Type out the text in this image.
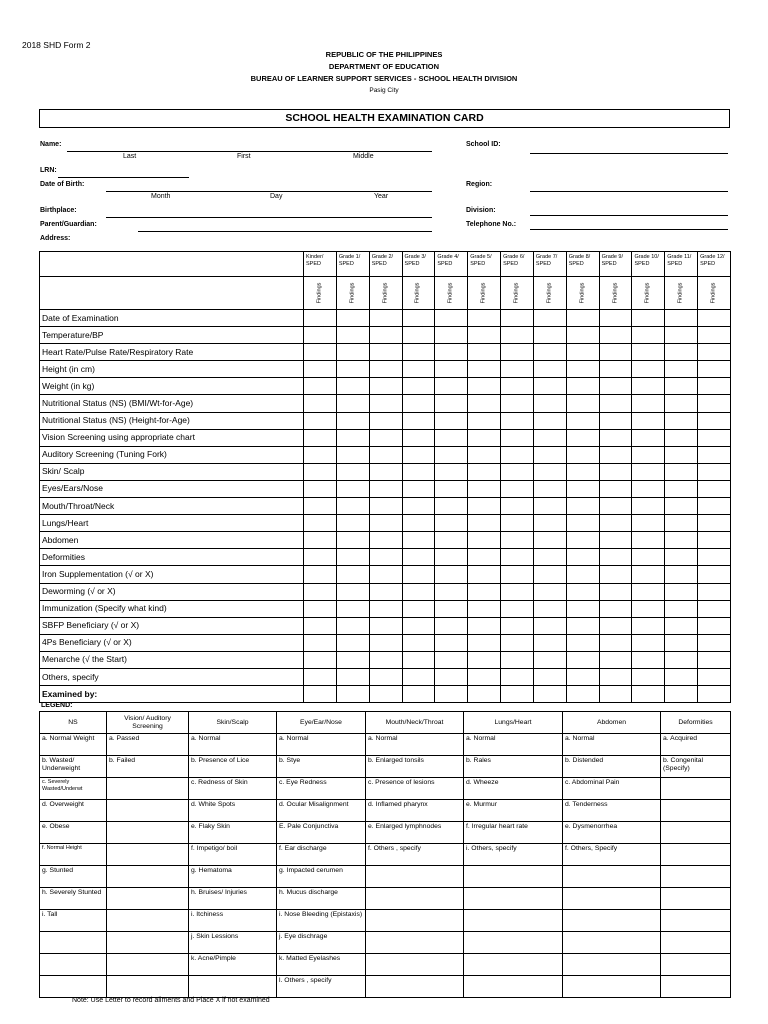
2018 SHD Form 2
REPUBLIC OF THE PHILIPPINES
DEPARTMENT OF EDUCATION
BUREAU OF LEARNER SUPPORT SERVICES - SCHOOL HEALTH DIVISION
Pasig City
SCHOOL HEALTH EXAMINATION CARD
Name:
Last	First	Middle
LRN:
Date of Birth:
Month	Day	Year
Birthplace:
Parent/Guardian:
Address:
School ID:
Region:
Division:
Telephone No.:
	Kinder/ SPED	Grade 1/ SPED	Grade 2/ SPED	Grade 3/ SPED	Grade 4/ SPED	Grade 5/ SPED	Grade 6/ SPED	Grade 7/ SPED	Grade 8/ SPED	Grade 9/ SPED	Grade 10/ SPED	Grade 11/ SPED	Grade 12/ SPED

	Findings	Findings	Findings	Findings	Findings	Findings	Findings	Findings	Findings	Findings	Findings	Findings	Findings

Date of Examination													
Temperature/BP													
Heart Rate/Pulse Rate/Respiratory Rate													
Height (in cm)													
Weight (in kg)													
Nutritional Status (NS) (BMI/Wt-for-Age)													
Nutritional Status (NS) (Height-for-Age)													
Vision Screening using appropriate chart													
Auditory Screening (Tuning Fork)													
Skin/ Scalp													
Eyes/Ears/Nose													
Mouth/Throat/Neck													
Lungs/Heart													
Abdomen													
Deformities													
Iron Supplementation (√ or X)													
Deworming (√ or X)													
Immunization (Specify what kind)													
SBFP Beneficiary (√ or X)													
4Ps Beneficiary (√ or X)													
Menarche (√ the Start)													
Others, specify													
Examined by:													
LEGEND:
NS	Vision/ Auditory Screening	Skin/Scalp	Eye/Ear/Nose	Mouth/Neck/Throat	Lungs/Heart	Abdomen	Deformities
a. Normal Weight	a. Passed	a. Normal	a. Normal	a. Normal	a. Normal	a. Normal	a. Acquired
b. Wasted/ Underweight	b. Failed	b. Presence of Lice	b. Stye	b. Enlarged tonsils	b. Rales	b. Distended	b. Congenital (Specify)
c. Severely Wasted/Underwt		c. Redness of Skin	c. Eye Redness	c. Presence of lesions	d. Wheeze	c. Abdominal Pain	
d. Overweight		d. White Spots	d. Ocular Misalignment	d. Inflamed pharynx	e. Murmur	d. Tenderness	
e. Obese		e. Flaky Skin	E. Pale Conjunctiva	e. Enlarged lymphnodes	f. Irregular heart rate	e. Dysmenorrhea	
f. Normal Height		f. Impetigo/ boil	f. Ear discharge	f. Others , specify	i. Others, specify	f. Others, Specify	
g. Stunted		g. Hematoma	g. Impacted cerumen				
h. Severely Stunted		h. Bruises/ Injuries	h. Mucus discharge				
i. Tall		i. Itchiness	i. Nose Bleeding (Epistaxis)				
		j. Skin Lessions	j. Eye dischrage				
		k. Acne/Pimple	k. Matted Eyelashes				
			l. Others , specify				
Note: Use Letter to record ailments and Place X if not examined
